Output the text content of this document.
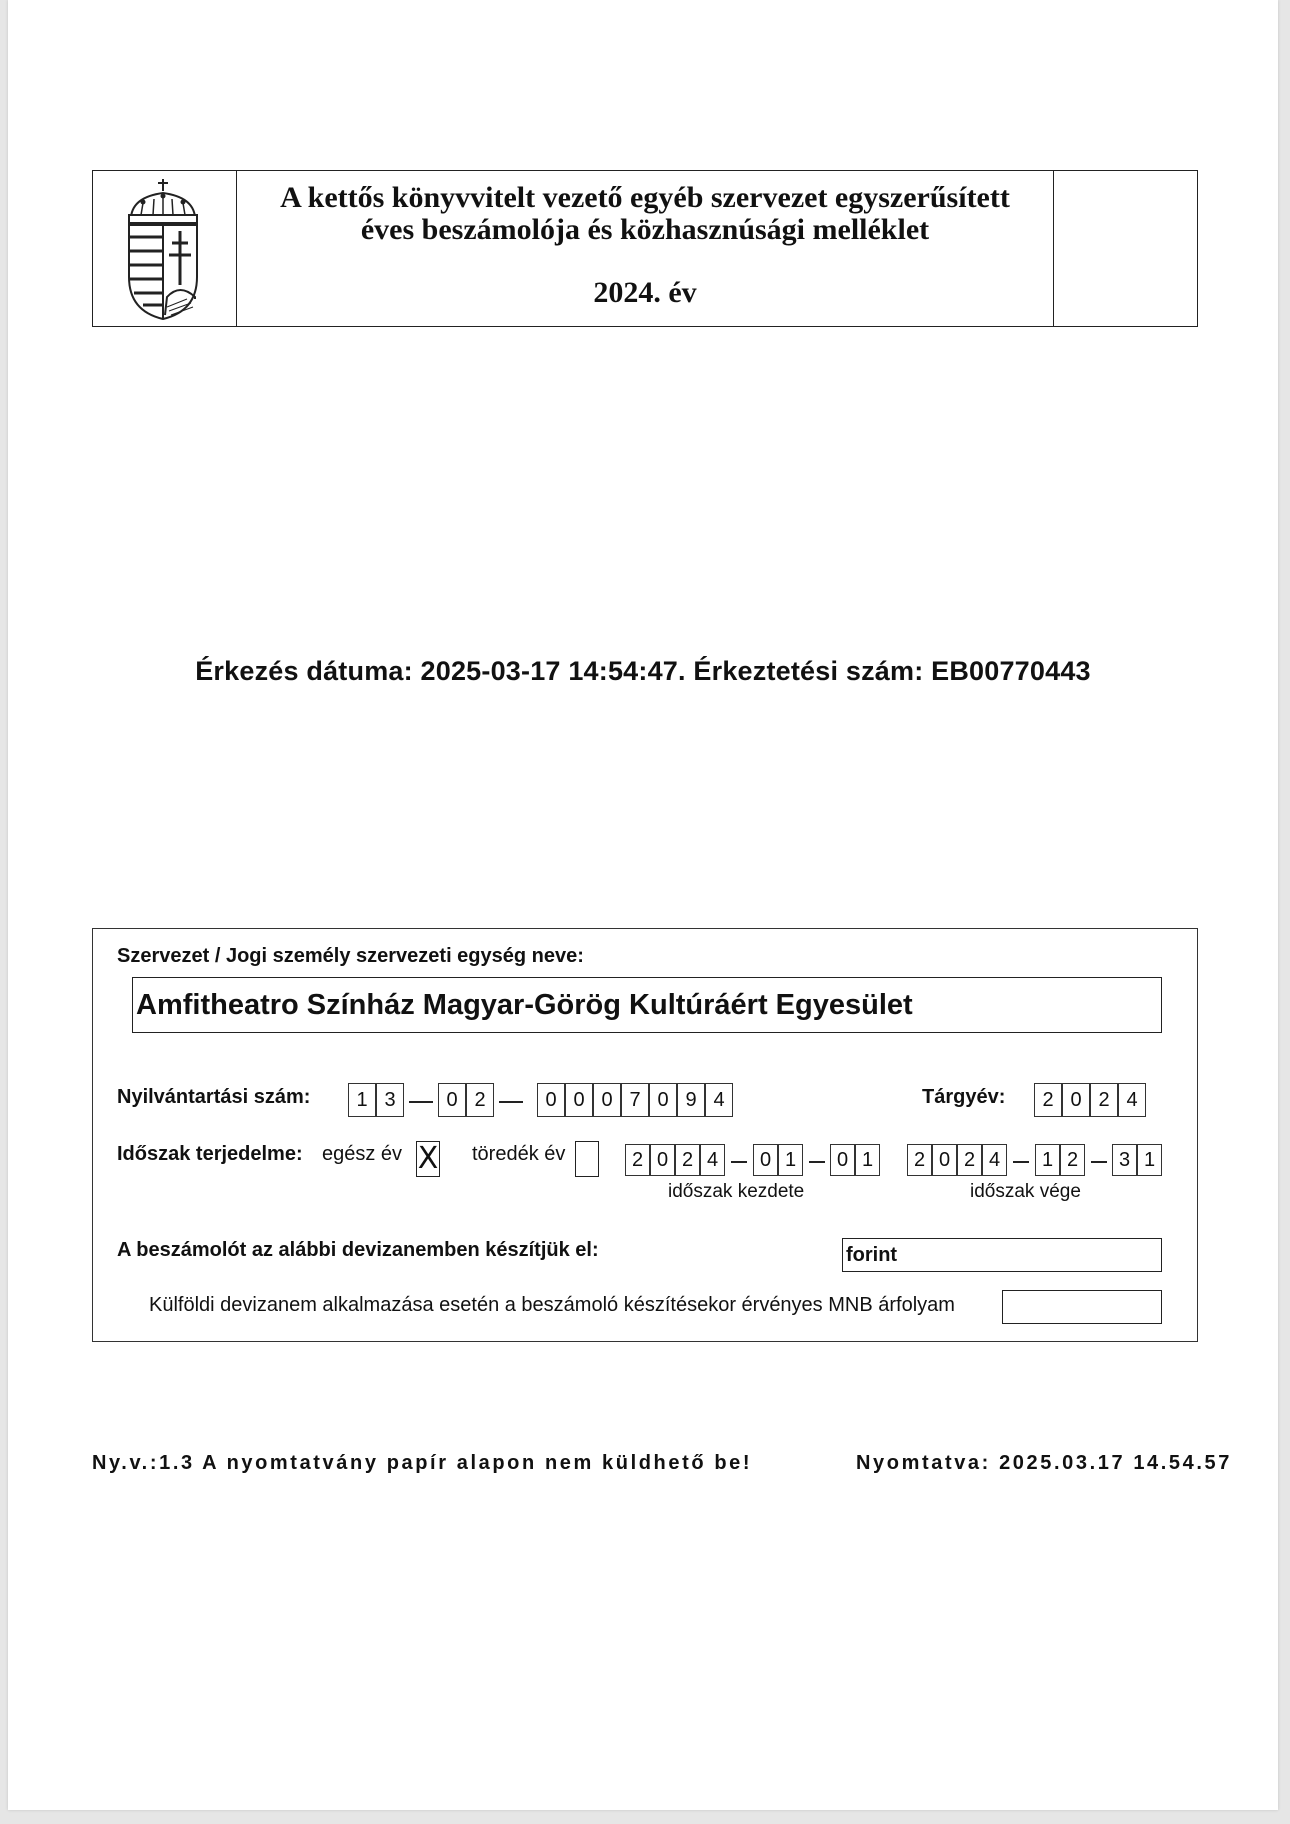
A kettős könyvvitelt vezető egyéb szervezet egyszerűsített
éves beszámolója és közhasznúsági melléklet
2024. év
Érkezés dátuma: 2025-03-17 14:54:47. Érkeztetési szám: EB00770443
Szervezet / Jogi személy szervezeti egység neve:
Amfitheatro Színház Magyar-Görög Kultúráért Egyesület
Nyilvántartási szám:	1 3	0 2	0 0 0 7 0 9 4	Tárgyév:	2 0 2 4
Időszak terjedelme: egész év X töredék év	2 0 2 4	0 1	0 1
időszak kezdete
2 0 2 4	1 2	3 1
időszak vége
A beszámolót az alábbi devizanemben készítjük el:	forint
Külföldi devizanem alkalmazása esetén a beszámoló készítésekor érvényes MNB árfolyam
Ny.v.:1.3 A nyomtatvány papír alapon nem küldhető be!	Nyomtatva: 2025.03.17 14.54.57
